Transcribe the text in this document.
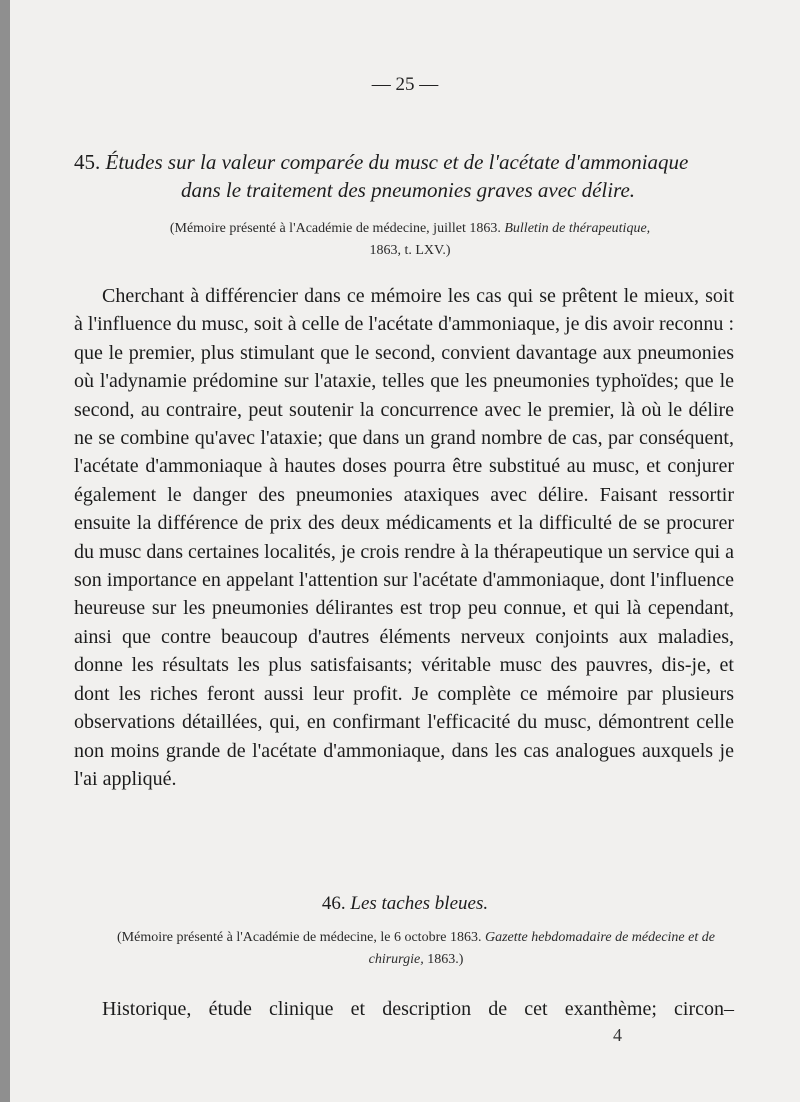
— 25 —
45. Études sur la valeur comparée du musc et de l'acétate d'ammoniaque
dans le traitement des pneumonies graves avec délire.
(Mémoire présenté à l'Académie de médecine, juillet 1863. Bulletin de thérapeutique,
1863, t. LXV.)
Cherchant à différencier dans ce mémoire les cas qui se prêtent le mieux, soit à l'influence du musc, soit à celle de l'acétate d'ammoniaque, je dis avoir reconnu : que le premier, plus stimulant que le second, convient davantage aux pneumonies où l'adynamie prédomine sur l'ataxie, telles que les pneumonies typhoïdes; que le second, au contraire, peut soutenir la concurrence avec le premier, là où le délire ne se combine qu'avec l'ataxie; que dans un grand nombre de cas, par conséquent, l'acétate d'ammoniaque à hautes doses pourra être substitué au musc, et conjurer également le danger des pneumonies ataxiques avec délire. Faisant ressortir ensuite la différence de prix des deux médicaments et la difficulté de se procurer du musc dans certaines localités, je crois rendre à la thérapeutique un service qui a son importance en appelant l'attention sur l'acétate d'ammoniaque, dont l'influence heureuse sur les pneumonies délirantes est trop peu connue, et qui là cependant, ainsi que contre beaucoup d'autres éléments nerveux conjoints aux maladies, donne les résultats les plus satisfaisants; véritable musc des pauvres, dis-je, et dont les riches feront aussi leur profit. Je complète ce mémoire par plusieurs observations détaillées, qui, en confirmant l'efficacité du musc, démontrent celle non moins grande de l'acétate d'ammoniaque, dans les cas analogues auxquels je l'ai appliqué.
46. Les taches bleues.
(Mémoire présenté à l'Académie de médecine, le 6 octobre 1863. Gazette hebdomadaire de médecine et de chirurgie, 1863.)
Historique, étude clinique et description de cet exanthème; circon–
4
